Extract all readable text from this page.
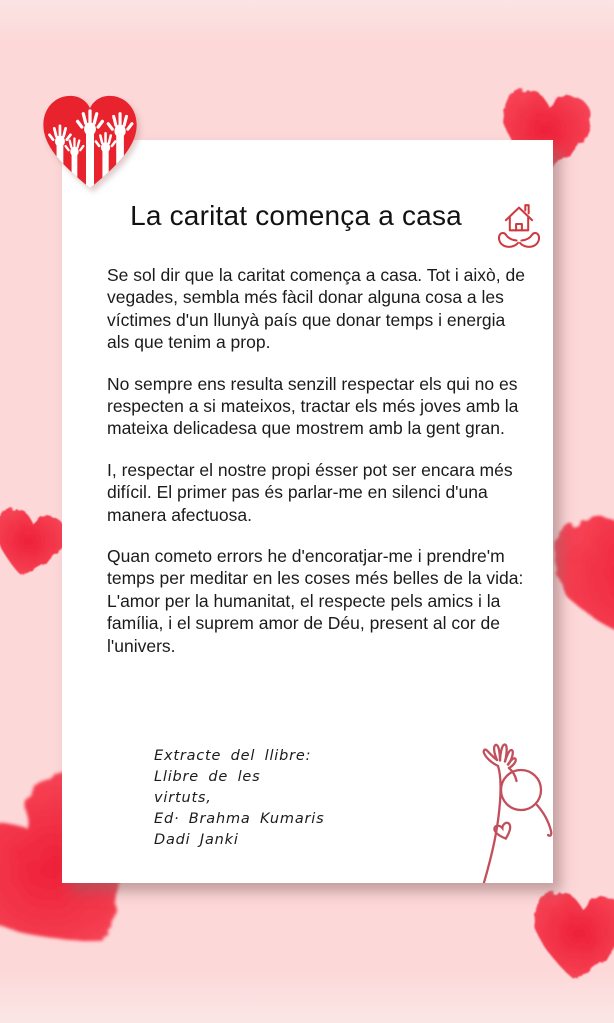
La caritat comença a casa

Se sol dir que la caritat comença a casa. Tot i això, de vegades, sembla més fàcil donar alguna cosa a les víctimes d'un llunyà país que donar temps i energia als que tenim a prop.

No sempre ens resulta senzill respectar els qui no es respecten a si mateixos, tractar els més joves amb la mateixa delicadesa que mostrem amb la gent gran.

I, respectar el nostre propi ésser pot ser encara més difícil. El primer pas és parlar-me en silenci d'una manera afectuosa.

Quan cometo errors he d'encoratjar-me i prendre'm temps per meditar en les coses més belles de la vida: L'amor per la humanitat, el respecte pels amics i la família, i el suprem amor de Déu, present al cor de l'univers.

Extracte del llibre:
Llibre de les
virtuts,
Ed· Brahma Kumaris
Dadi Janki
